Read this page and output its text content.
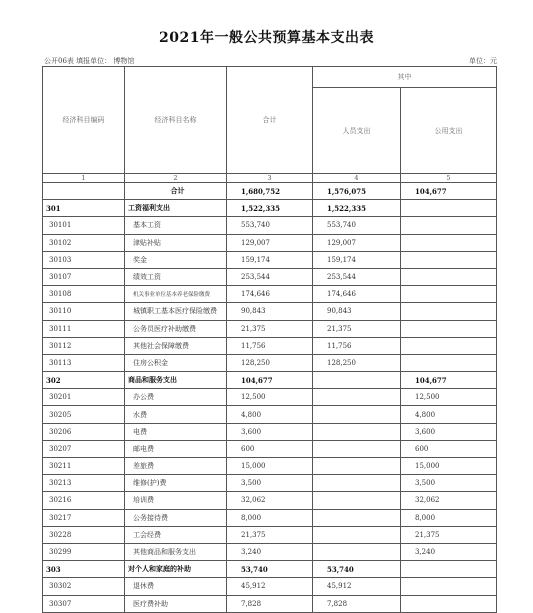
2021年一般公共预算基本支出表
公开06表 填报单位： 博物馆	单位：元
经济科目编码	经济科目名称	合计	其中	
			人员支出	公用支出
1	2	3	4	5
	合计	1,680,752	1,576,075	104,677
301	工资福利支出	1,522,335	1,522,335	
30101	基本工资	553,740	553,740	
30102	津贴补贴	129,007	129,007	
30103	奖金	159,174	159,174	
30107	绩效工资	253,544	253,544	
30108	机关事业单位基本养老保险缴费	174,646	174,646	
30110	城镇职工基本医疗保险缴费	90,843	90,843	
30111	公务员医疗补助缴费	21,375	21,375	
30112	其他社会保障缴费	11,756	11,756	
30113	住房公积金	128,250	128,250	
302	商品和服务支出	104,677		104,677
30201	办公费	12,500		12,500
30205	水费	4,800		4,800
30206	电费	3,600		3,600
30207	邮电费	600		600
30211	差旅费	15,000		15,000
30213	维修(护)费	3,500		3,500
30216	培训费	32,062		32,062
30217	公务接待费	8,000		8,000
30228	工会经费	21,375		21,375
30299	其他商品和服务支出	3,240		3,240
303	对个人和家庭的补助	53,740	53,740	
30302	退休费	45,912	45,912	
30307	医疗费补助	7,828	7,828	
